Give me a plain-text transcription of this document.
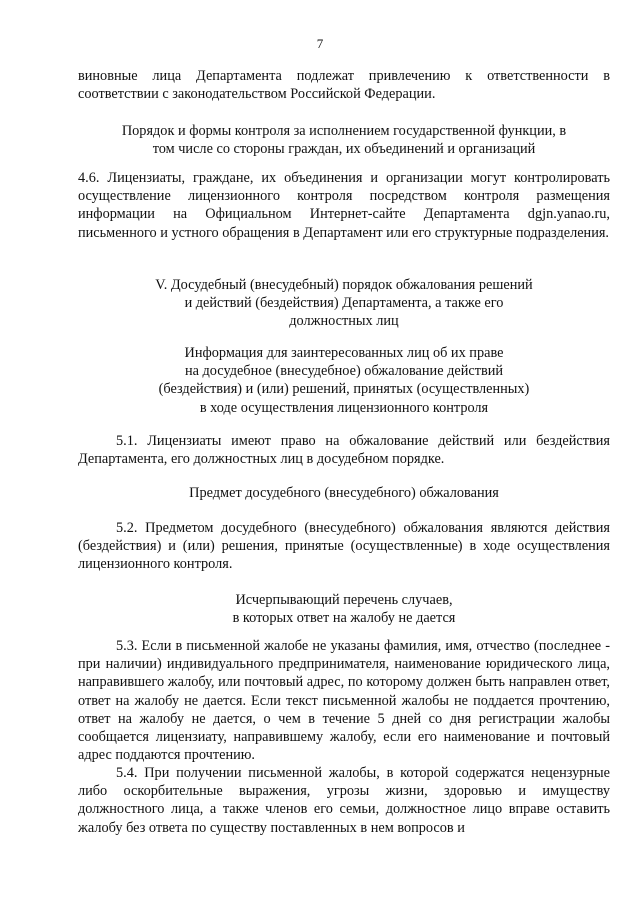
7

виновные лица Департамента подлежат привлечению к ответственности в соответствии с законодательством Российской Федерации.

Порядок и формы контроля за исполнением государственной функции, в
том числе со стороны граждан, их объединений и организаций

4.6. Лицензиаты, граждане, их объединения и организации могут контролировать осуществление лицензионного контроля посредством контроля размещения информации на Официальном Интернет-сайте Департамента dgjn.yanao.ru, письменного и устного обращения в Департамент или его структурные подразделения.

V. Досудебный (внесудебный) порядок обжалования решений
и действий (бездействия) Департамента, а также его
должностных лиц
Информация для заинтересованных лиц об их праве
на досудебное (внесудебное) обжалование действий
(бездействия) и (или) решений, принятых (осуществленных)
в ходе осуществления лицензионного контроля

5.1. Лицензиаты имеют право на обжалование действий или бездействия Департамента, его должностных лиц в досудебном порядке.

Предмет досудебного (внесудебного) обжалования

5.2. Предметом досудебного (внесудебного) обжалования являются действия (бездействия) и (или) решения, принятые (осуществленные) в ходе осуществления лицензионного контроля.

Исчерпывающий перечень случаев,
в которых ответ на жалобу не дается

5.3. Если в письменной жалобе не указаны фамилия, имя, отчество (последнее - при наличии) индивидуального предпринимателя, наименование юридического лица, направившего жалобу, или почтовый адрес, по которому должен быть направлен ответ, ответ на жалобу не дается. Если текст письменной жалобы не поддается прочтению, ответ на жалобу не дается, о чем в течение 5 дней со дня регистрации жалобы сообщается лицензиату, направившему жалобу, если его наименование и почтовый адрес поддаются прочтению.

5.4. При получении письменной жалобы, в которой содержатся нецензурные либо оскорбительные выражения, угрозы жизни, здоровью и имуществу должностного лица, а также членов его семьи, должностное лицо вправе оставить жалобу без ответа по существу поставленных в нем вопросов и
